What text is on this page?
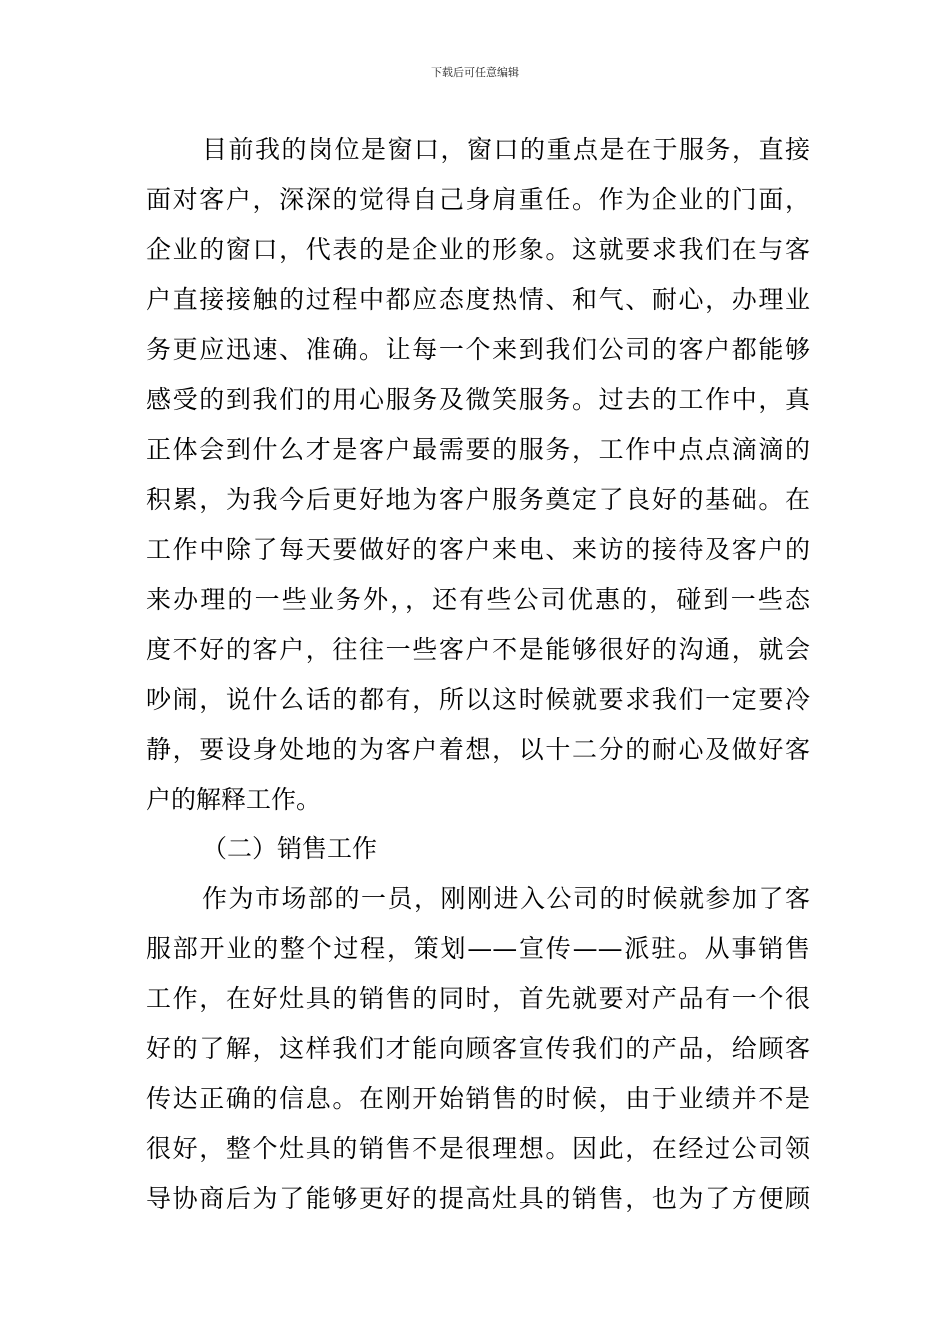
下载后可任意编辑
目前我的岗位是窗口，窗口的重点是在于服务，直接
面对客户，深深的觉得自己身肩重任。作为企业的门面，
企业的窗口，代表的是企业的形象。这就要求我们在与客
户直接接触的过程中都应态度热情、和气、耐心，办理业
务更应迅速、准确。让每一个来到我们公司的客户都能够
感受的到我们的用心服务及微笑服务。过去的工作中，真
正体会到什么才是客户最需要的服务，工作中点点滴滴的
积累，为我今后更好地为客户服务奠定了良好的基础。在
工作中除了每天要做好的客户来电、来访的接待及客户的
来办理的一些业务外，，还有些公司优惠的，碰到一些态
度不好的客户，往往一些客户不是能够很好的沟通，就会
吵闹，说什么话的都有，所以这时候就要求我们一定要冷
静，要设身处地的为客户着想，以十二分的耐心及做好客
户的解释工作。
（二）销售工作
作为市场部的一员，刚刚进入公司的时候就参加了客
服部开业的整个过程，策划——宣传——派驻。从事销售
工作，在好灶具的销售的同时，首先就要对产品有一个很
好的了解，这样我们才能向顾客宣传我们的产品，给顾客
传达正确的信息。在刚开始销售的时候，由于业绩并不是
很好，整个灶具的销售不是很理想。因此，在经过公司领
导协商后为了能够更好的提高灶具的销售，也为了方便顾
